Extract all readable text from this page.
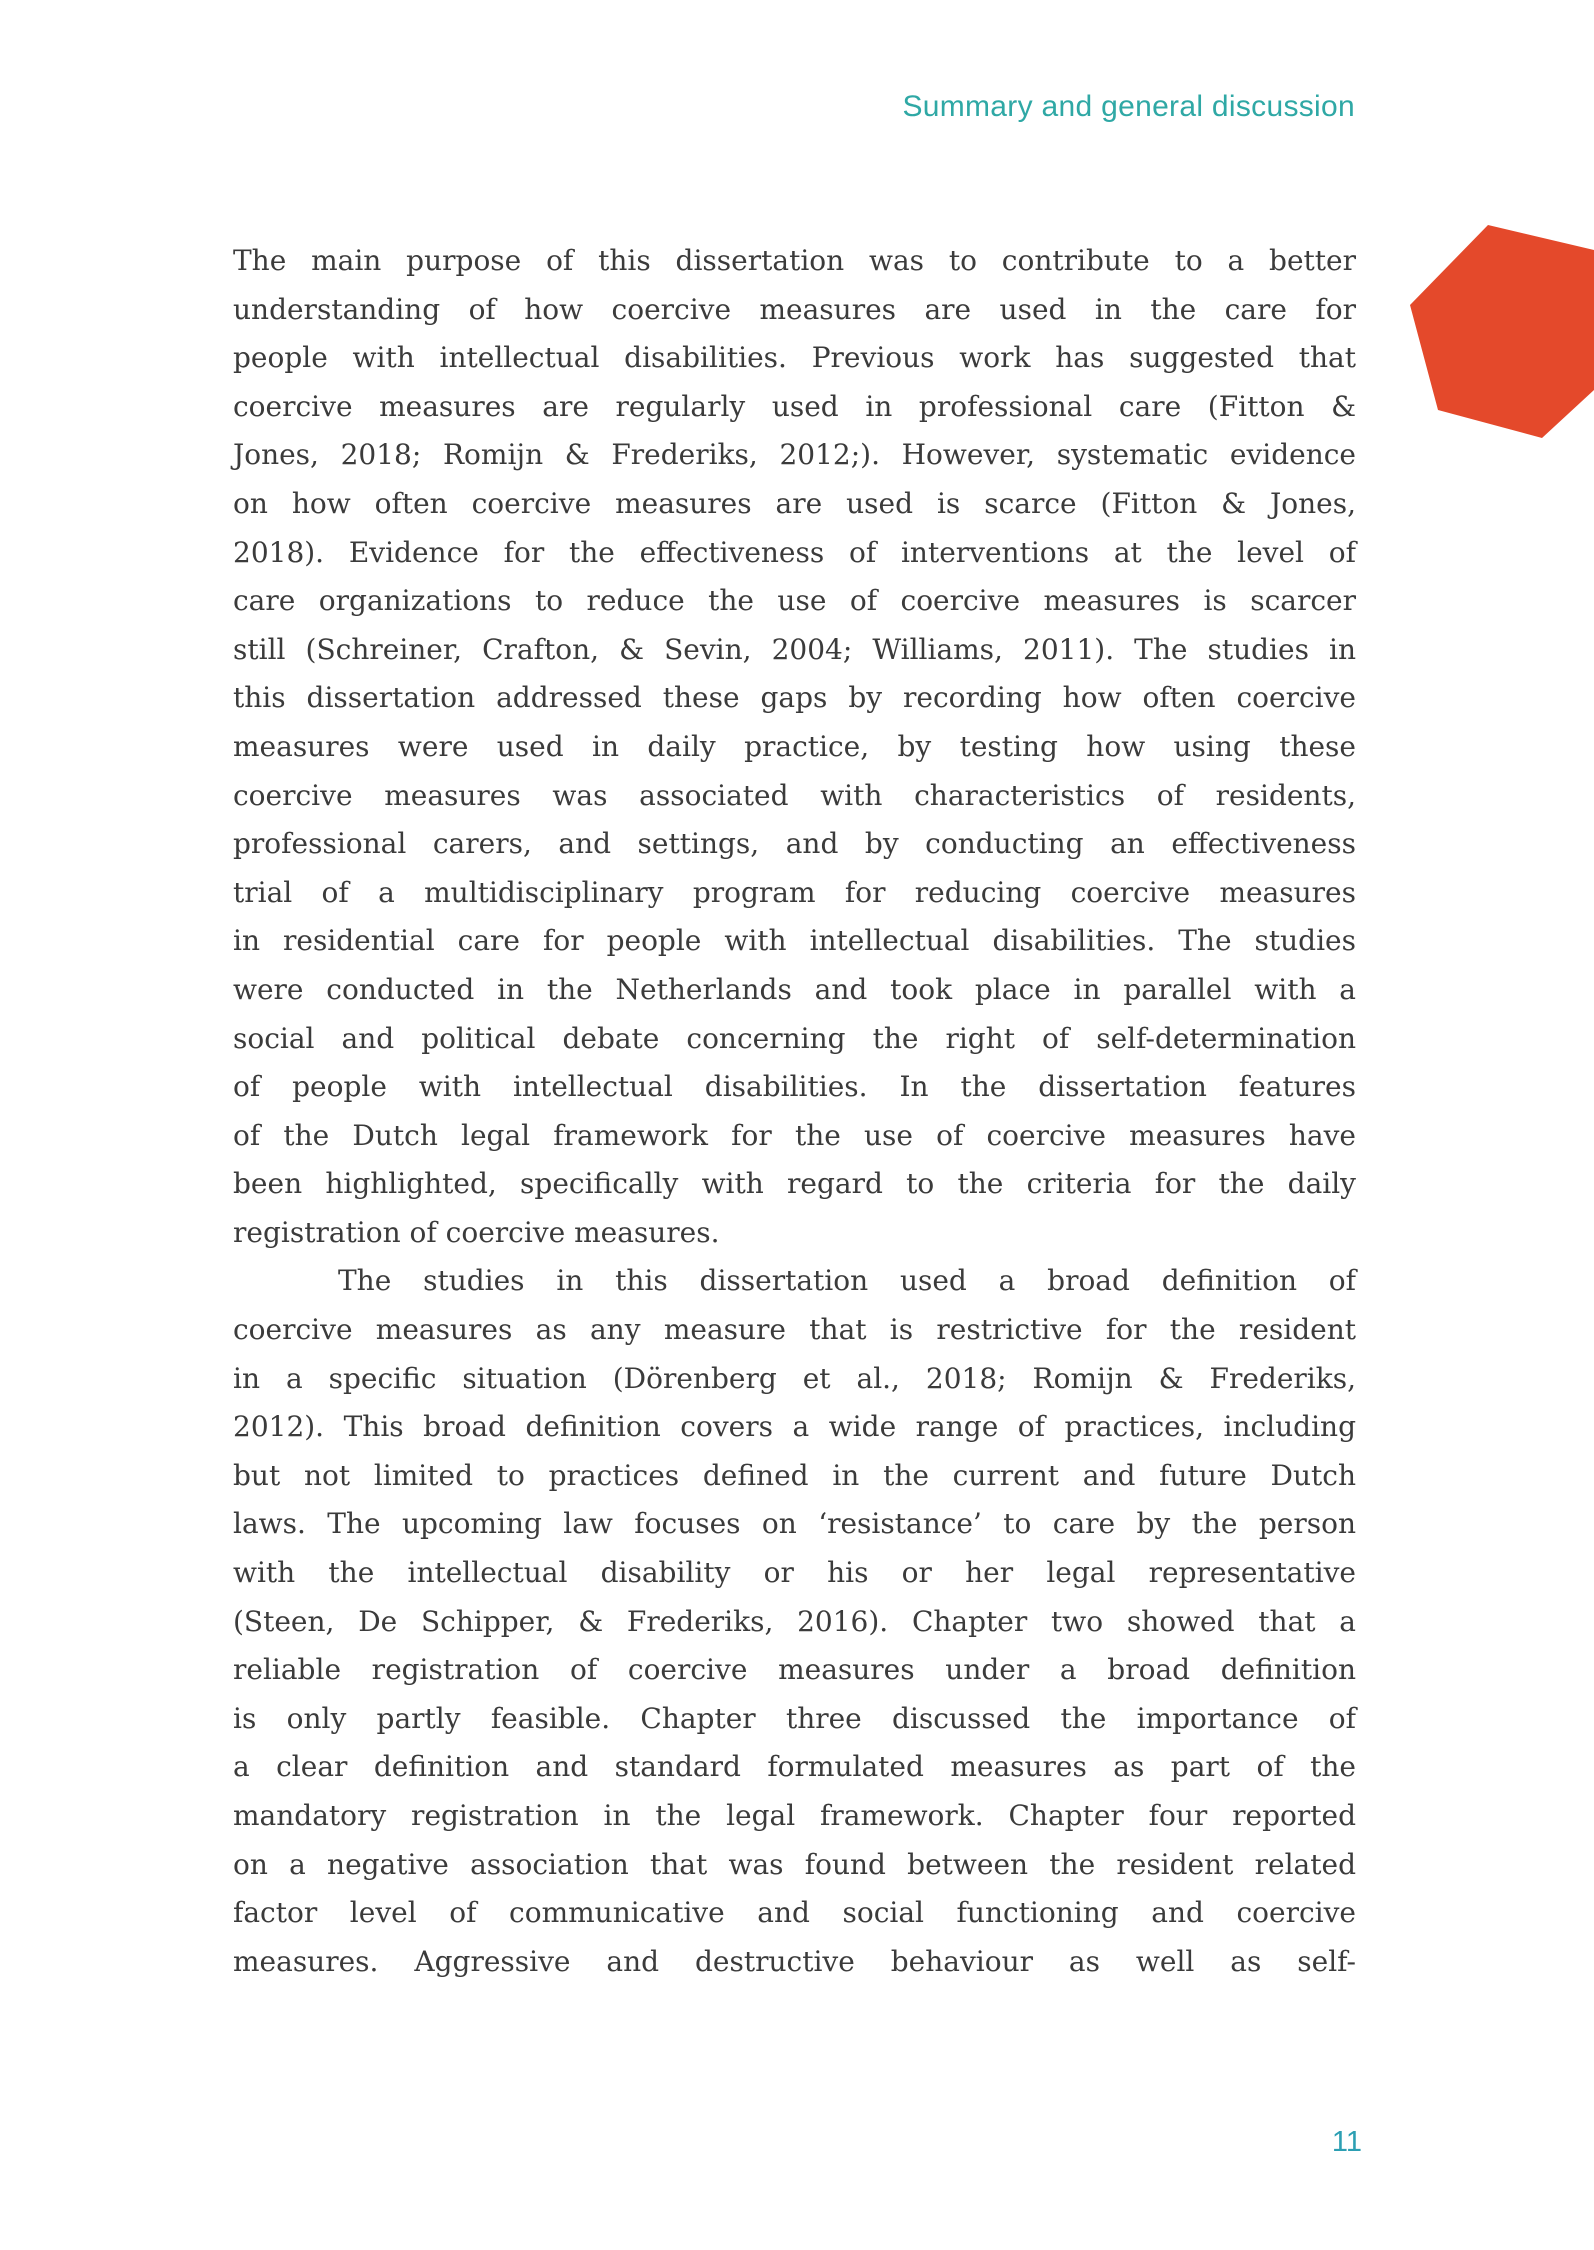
Summary and general discussion
The main purpose of this dissertation was to contribute to a better
understanding of how coercive measures are used in the care for
people with intellectual disabilities. Previous work has suggested that
coercive measures are regularly used in professional care (Fitton &
Jones, 2018; Romijn & Frederiks, 2012;). However, systematic evidence
on how often coercive measures are used is scarce (Fitton & Jones,
2018). Evidence for the effectiveness of interventions at the level of
care organizations to reduce the use of coercive measures is scarcer
still (Schreiner, Crafton, & Sevin, 2004; Williams, 2011). The studies in
this dissertation addressed these gaps by recording how often coercive
measures were used in daily practice, by testing how using these
coercive measures was associated with characteristics of residents,
professional carers, and settings, and by conducting an effectiveness
trial of a multidisciplinary program for reducing coercive measures
in residential care for people with intellectual disabilities. The studies
were conducted in the Netherlands and took place in parallel with a
social and political debate concerning the right of self-determination
of people with intellectual disabilities. In the dissertation features
of the Dutch legal framework for the use of coercive measures have
been highlighted, specifically with regard to the criteria for the daily
registration of coercive measures.
The studies in this dissertation used a broad definition of
coercive measures as any measure that is restrictive for the resident
in a specific situation (Dörenberg et al., 2018; Romijn & Frederiks,
2012). This broad definition covers a wide range of practices, including
but not limited to practices defined in the current and future Dutch
laws. The upcoming law focuses on ‘resistance’ to care by the person
with the intellectual disability or his or her legal representative
(Steen, De Schipper, & Frederiks, 2016). Chapter two showed that a
reliable registration of coercive measures under a broad definition
is only partly feasible. Chapter three discussed the importance of
a clear definition and standard formulated measures as part of the
mandatory registration in the legal framework. Chapter four reported
on a negative association that was found between the resident related
factor level of communicative and social functioning and coercive
measures. Aggressive and destructive behaviour as well as self-
11
